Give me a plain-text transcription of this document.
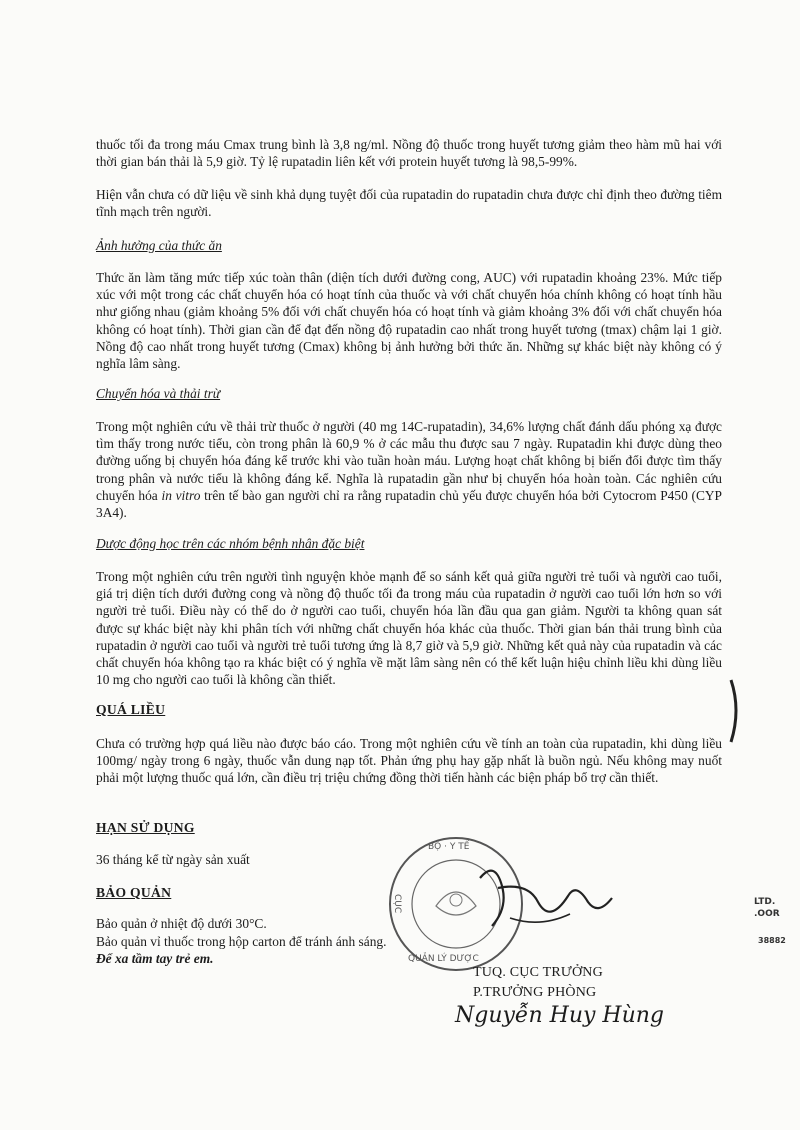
thuốc tối đa trong máu Cmax trung bình là 3,8 ng/ml. Nồng độ thuốc trong huyết tương giảm theo hàm mũ hai với thời gian bán thải là 5,9 giờ. Tỷ lệ rupatadin liên kết với protein huyết tương là 98,5-99%.

Hiện vẫn chưa có dữ liệu về sinh khả dụng tuyệt đối của rupatadin do rupatadin chưa được chỉ định theo đường tiêm tĩnh mạch trên người.

Ảnh hưởng của thức ăn

Thức ăn làm tăng mức tiếp xúc toàn thân (diện tích dưới đường cong, AUC) với rupatadin khoảng 23%. Mức tiếp xúc với một trong các chất chuyển hóa có hoạt tính của thuốc và với chất chuyển hóa chính không có hoạt tính hầu như giống nhau (giảm khoảng 5% đối với chất chuyển hóa có hoạt tính và giảm khoảng 3% đối với chất chuyển hóa không có hoạt tính). Thời gian cần để đạt đến nồng độ rupatadin cao nhất trong huyết tương (tmax) chậm lại 1 giờ. Nồng độ cao nhất trong huyết tương (Cmax) không bị ảnh hưởng bởi thức ăn. Những sự khác biệt này không có ý nghĩa lâm sàng.

Chuyển hóa và thải trừ

Trong một nghiên cứu về thải trừ thuốc ở người (40 mg 14C-rupatadin), 34,6% lượng chất đánh dấu phóng xạ được tìm thấy trong nước tiểu, còn trong phân là 60,9 % ở các mẫu thu được sau 7 ngày. Rupatadin khi được dùng theo đường uống bị chuyển hóa đáng kể trước khi vào tuần hoàn máu. Lượng hoạt chất không bị biến đổi được tìm thấy trong phân và nước tiểu là không đáng kể. Nghĩa là rupatadin gần như bị chuyển hóa hoàn toàn. Các nghiên cứu chuyển hóa in vitro trên tế bào gan người chỉ ra rằng rupatadin chủ yếu được chuyển hóa bởi Cytocrom P450 (CYP 3A4).

Dược động học trên các nhóm bệnh nhân đặc biệt

Trong một nghiên cứu trên người tình nguyện khỏe mạnh để so sánh kết quả giữa người trẻ tuổi và người cao tuổi, giá trị diện tích dưới đường cong và nồng độ thuốc tối đa trong máu của rupatadin ở người cao tuổi lớn hơn so với người trẻ tuổi. Điều này có thể do ở người cao tuổi, chuyển hóa lần đầu qua gan giảm. Người ta không quan sát được sự khác biệt này khi phân tích với những chất chuyển hóa khác của thuốc. Thời gian bán thải trung bình của rupatadin ở người cao tuổi và người trẻ tuổi tương ứng là 8,7 giờ và 5,9 giờ. Những kết quả này của rupatadin và các chất chuyển hóa không tạo ra khác biệt có ý nghĩa về mặt lâm sàng nên có thể kết luận hiệu chỉnh liều khi dùng liều 10 mg cho người cao tuổi là không cần thiết.

QUÁ LIỀU

Chưa có trường hợp quá liều nào được báo cáo. Trong một nghiên cứu về tính an toàn của rupatadin, khi dùng liều 100mg/ ngày trong 6 ngày, thuốc vẫn dung nạp tốt. Phản ứng phụ hay gặp nhất là buồn ngủ. Nếu không may nuốt phải một lượng thuốc quá lớn, cần điều trị triệu chứng đồng thời tiến hành các biện pháp bổ trợ cần thiết.

HẠN SỬ DỤNG
36 tháng kể từ ngày sản xuất
BẢO QUẢN
Bảo quản ở nhiệt độ dưới 30°C.
Bảo quản vỉ thuốc trong hộp carton để tránh ánh sáng.
Để xa tầm tay trẻ em.
BỘ · Y TẾ
CỤC
QUẢN LÝ DƯỢC
TUQ. CỤC TRƯỞNG
P.TRƯỞNG PHÒNG
Nguyễn Huy Hùng
LTD.
.OOR
38882
